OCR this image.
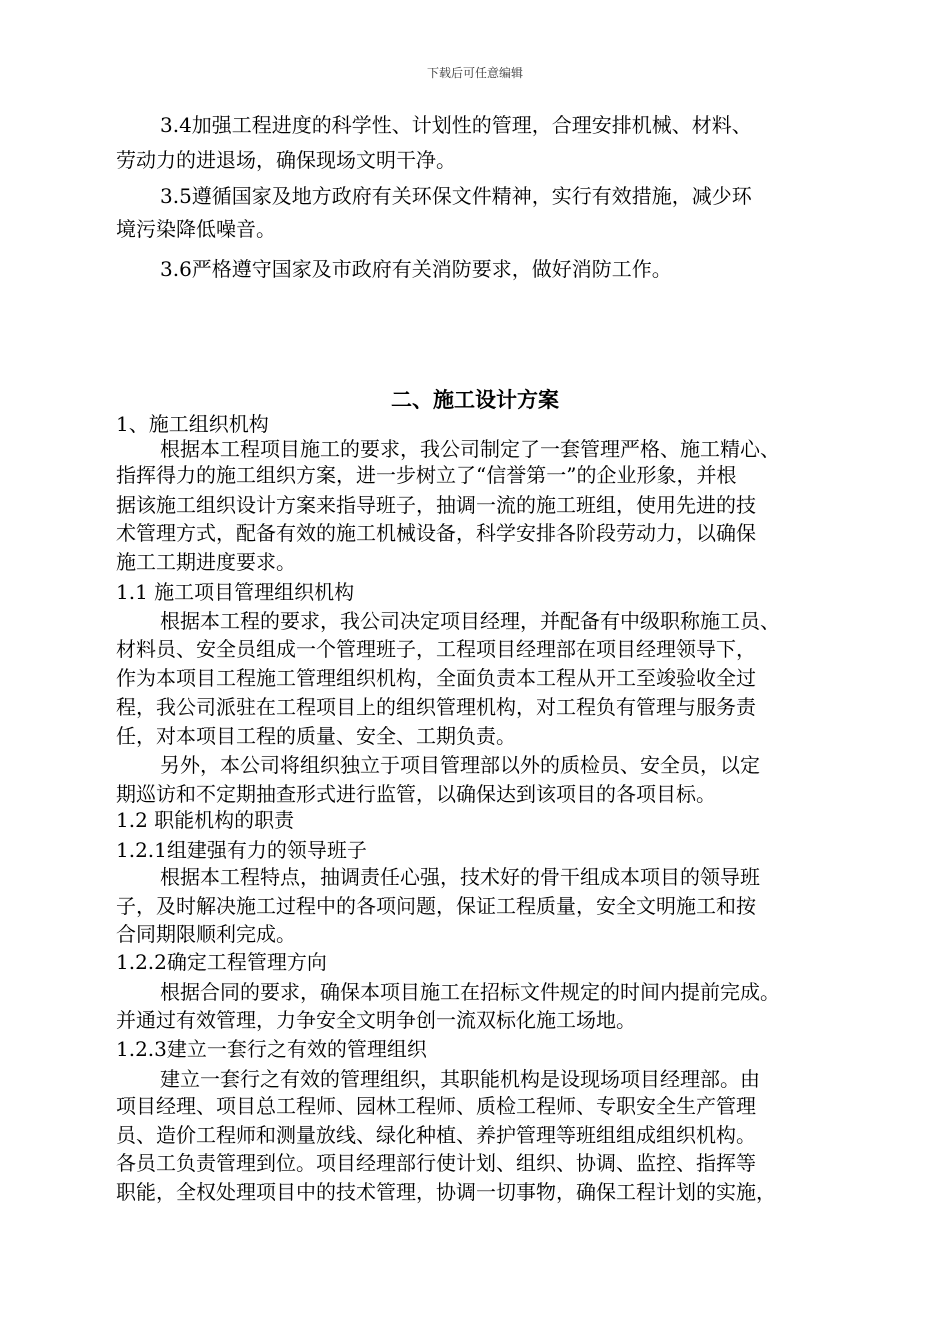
下载后可任意编辑

3.4加强工程进度的科学性、计划性的管理，合理安排机械、材料、

劳动力的进退场，确保现场文明干净。

3.5遵循国家及地方政府有关环保文件精神，实行有效措施，减少环

境污染降低噪音。

3.6严格遵守国家及市政府有关消防要求，做好消防工作。

二、施工设计方案

1、施工组织机构

根据本工程项目施工的要求，我公司制定了一套管理严格、施工精心、

指挥得力的施工组织方案，进一步树立了“信誉第一”的企业形象，并根

据该施工组织设计方案来指导班子，抽调一流的施工班组，使用先进的技

术管理方式，配备有效的施工机械设备，科学安排各阶段劳动力，以确保

施工工期进度要求。

1.1 施工项目管理组织机构

根据本工程的要求，我公司决定项目经理，并配备有中级职称施工员、

材料员、安全员组成一个管理班子，工程项目经理部在项目经理领导下，

作为本项目工程施工管理组织机构，全面负责本工程从开工至竣验收全过

程，我公司派驻在工程项目上的组织管理机构，对工程负有管理与服务责

任，对本项目工程的质量、安全、工期负责。

另外，本公司将组织独立于项目管理部以外的质检员、安全员，以定

期巡访和不定期抽查形式进行监管，以确保达到该项目的各项目标。

1.2 职能机构的职责

1.2.1组建强有力的领导班子

根据本工程特点，抽调责任心强，技术好的骨干组成本项目的领导班

子，及时解决施工过程中的各项问题，保证工程质量，安全文明施工和按

合同期限顺利完成。

1.2.2确定工程管理方向

根据合同的要求，确保本项目施工在招标文件规定的时间内提前完成。

并通过有效管理，力争安全文明争创一流双标化施工场地。

1.2.3建立一套行之有效的管理组织

建立一套行之有效的管理组织，其职能机构是设现场项目经理部。由

项目经理、项目总工程师、园林工程师、质检工程师、专职安全生产管理

员、造价工程师和测量放线、绿化种植、养护管理等班组组成组织机构。

各员工负责管理到位。项目经理部行使计划、组织、协调、监控、指挥等

职能，全权处理项目中的技术管理，协调一切事物，确保工程计划的实施，
